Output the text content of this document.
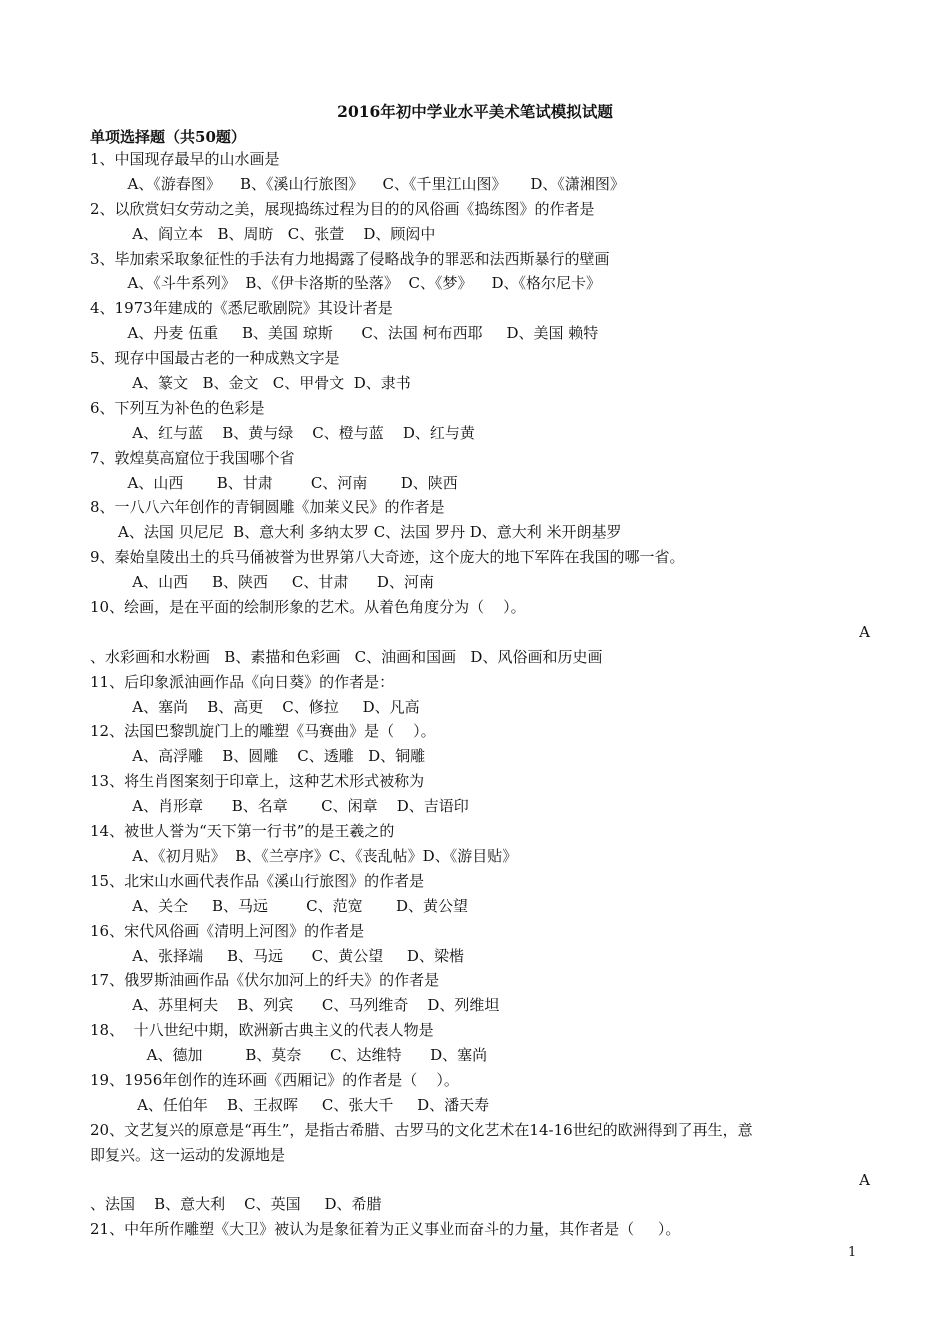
2016年初中学业水平美术笔试模拟试题
单项选择题（共50题）
1、中国现存最早的山水画是
A、《游春图》    B、《溪山行旅图》    C、《千里江山图》     D、《潇湘图》
2、以欣赏妇女劳动之美，展现捣练过程为目的的风俗画《捣练图》的作者是
A、阎立本   B、周昉   C、张萱    D、顾闳中
3、毕加索采取象征性的手法有力地揭露了侵略战争的罪恶和法西斯暴行的壁画
A、《斗牛系列》  B、《伊卡洛斯的坠落》  C、《梦》    D、《格尔尼卡》
4、1973年建成的《悉尼歌剧院》其设计者是
A、丹麦 伍重     B、美国 琼斯      C、法国 柯布西耶     D、美国 赖特
5、现存中国最古老的一种成熟文字是
A、篆文   B、金文   C、甲骨文  D、隶书
6、下列互为补色的色彩是
A、红与蓝    B、黄与绿    C、橙与蓝    D、红与黄
7、敦煌莫高窟位于我国哪个省
A、山西       B、甘肃        C、河南       D、陕西
8、一八八六年创作的青铜圆雕《加莱义民》的作者是
A、法国 贝尼尼  B、意大利 多纳太罗 C、法国 罗丹 D、意大利 米开朗基罗
9、秦始皇陵出土的兵马俑被誉为世界第八大奇迹，这个庞大的地下军阵在我国的哪一省。
A、山西     B、陕西     C、甘肃      D、河南
10、绘画，是在平面的绘制形象的艺术。从着色角度分为（    ）。
A
、水彩画和水粉画   B、素描和色彩画   C、油画和国画   D、风俗画和历史画
11、后印象派油画作品《向日葵》的作者是：
A、塞尚    B、高更    C、修拉     D、凡高
12、法国巴黎凯旋门上的雕塑《马赛曲》是（    ）。
A、高浮雕    B、圆雕    C、透雕   D、铜雕
13、将生肖图案刻于印章上，这种艺术形式被称为
A、肖形章      B、名章       C、闲章    D、吉语印
14、被世人誉为“天下第一行书”的是王羲之的
A、《初月贴》  B、《兰亭序》C、《丧乱帖》D、《游目贴》
15、北宋山水画代表作品《溪山行旅图》的作者是
A、关仝     B、马远        C、范宽       D、黄公望
16、宋代风俗画《清明上河图》的作者是
A、张择端     B、马远      C、黄公望     D、梁楷
17、俄罗斯油画作品《伏尔加河上的纤夫》的作者是
A、苏里柯夫    B、列宾      C、马列维奇    D、列维坦
18、  十八世纪中期，欧洲新古典主义的代表人物是
A、德加         B、莫奈      C、达维特      D、塞尚
19、1956年创作的连环画《西厢记》的作者是（    ）。
A、任伯年    B、王叔晖     C、张大千     D、潘天寿
20、文艺复兴的原意是“再生”，是指古希腊、古罗马的文化艺术在14-16世纪的欧洲得到了再生，意
即复兴。这一运动的发源地是
A
、法国    B、意大利    C、英国     D、希腊
21、中年所作雕塑《大卫》被认为是象征着为正义事业而奋斗的力量，其作者是（     ）。
1
